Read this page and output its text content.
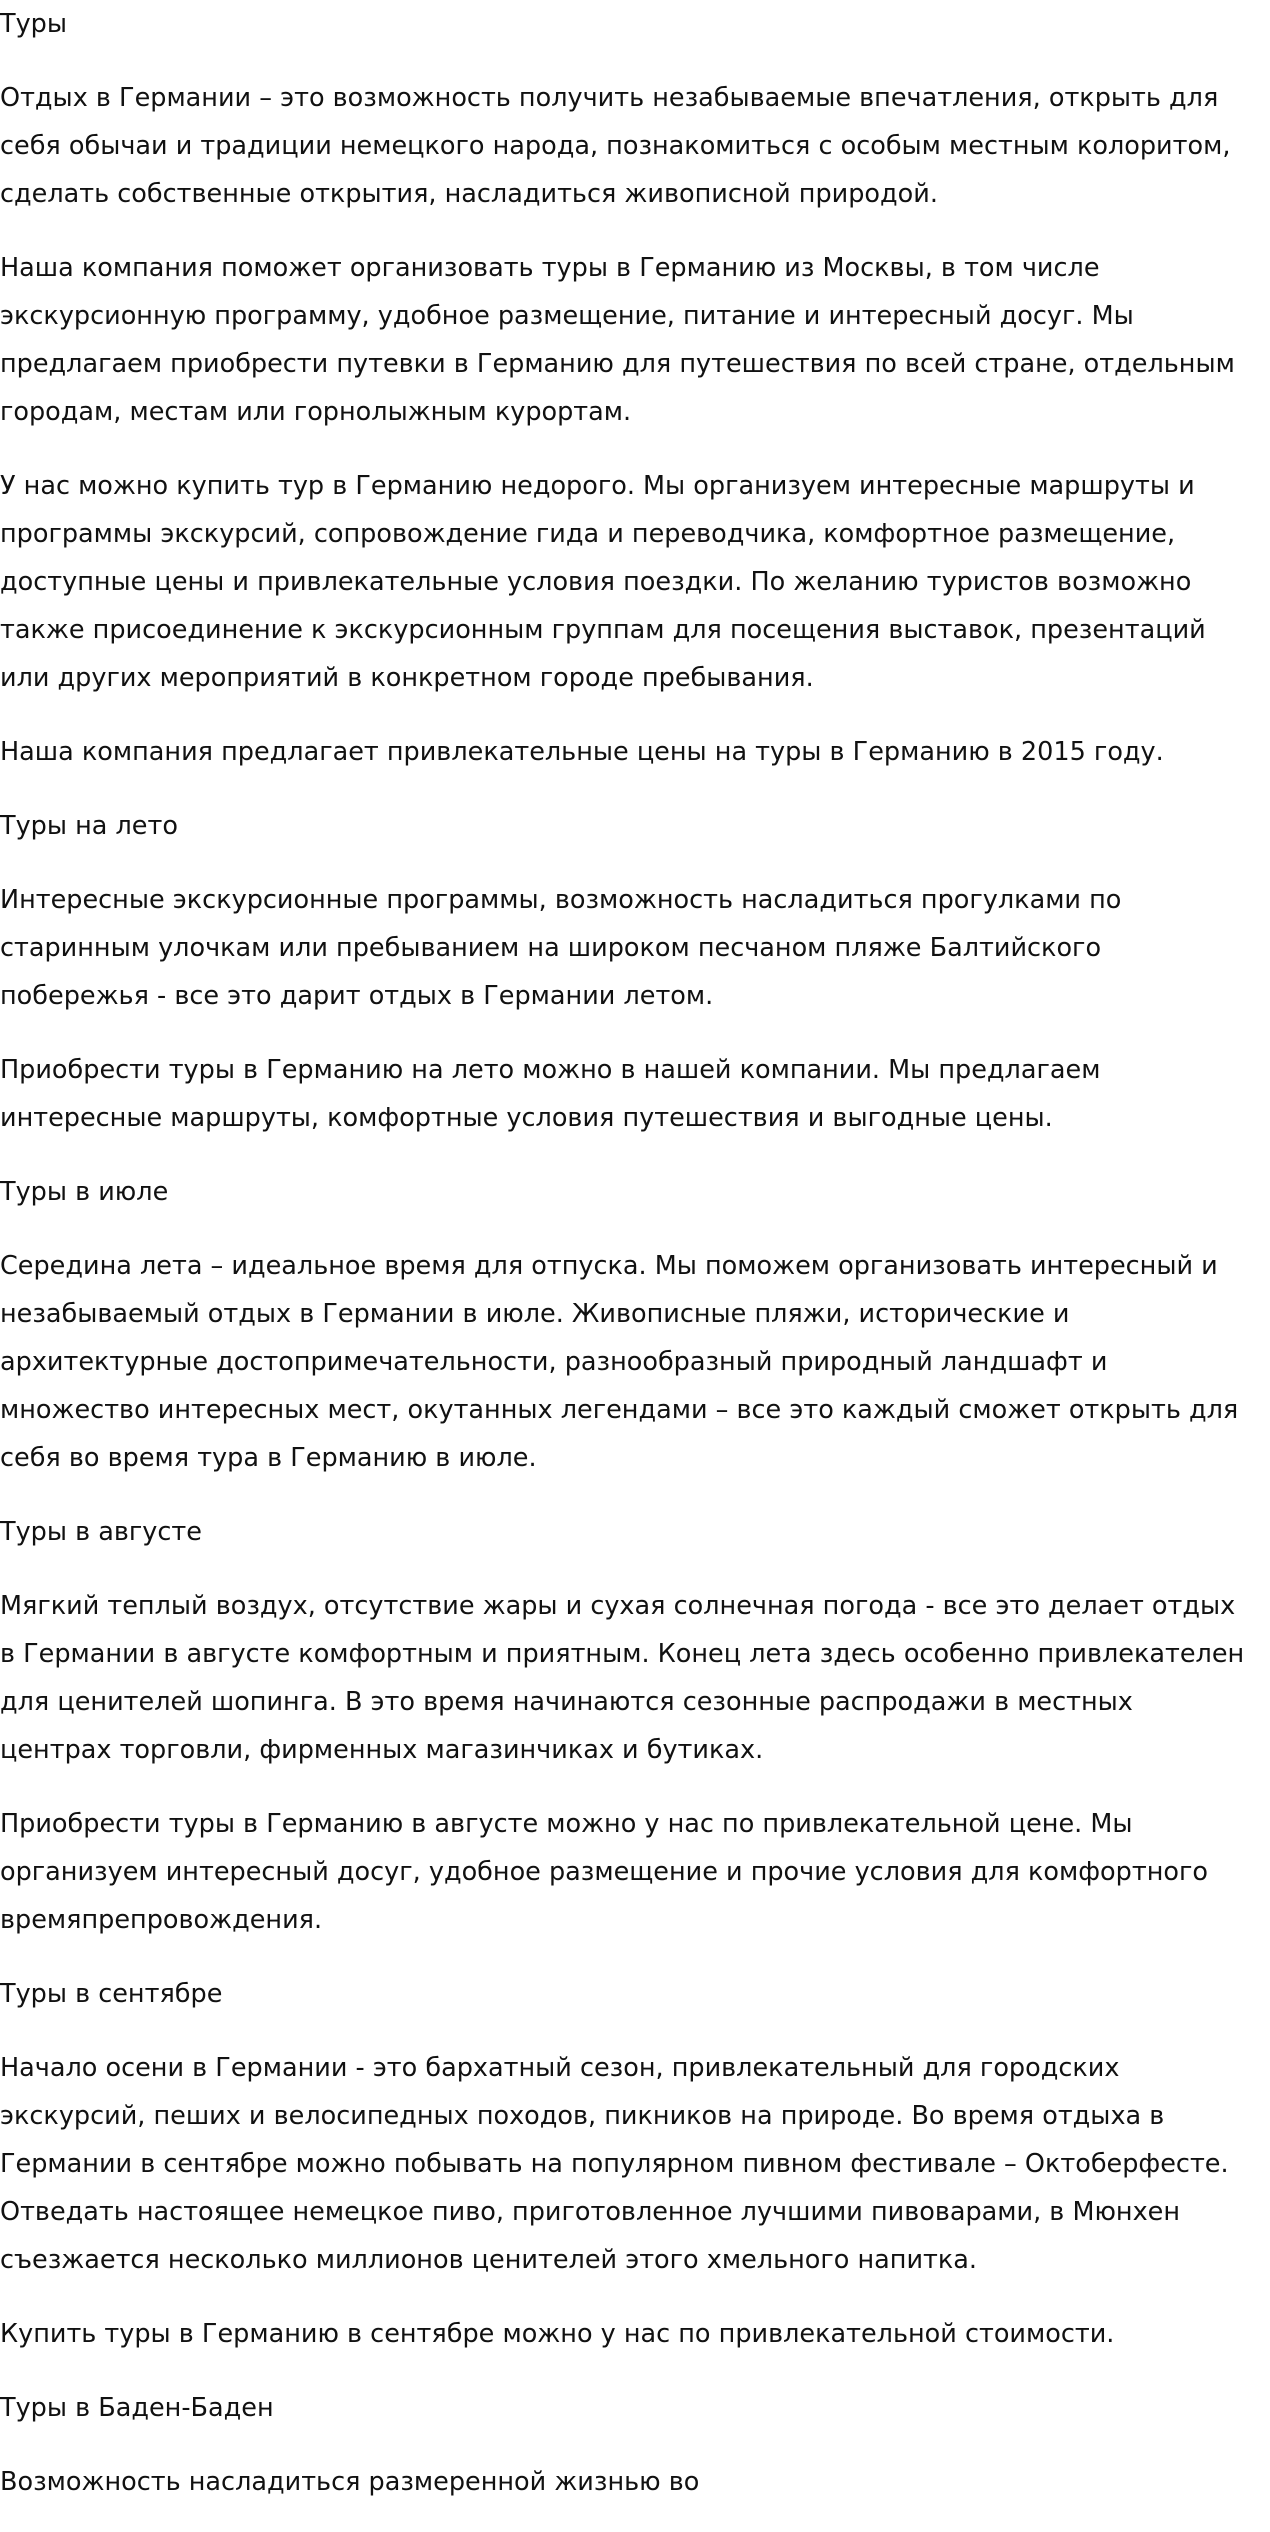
Туры

Отдых в Германии – это возможность получить незабываемые впечатления, открыть для
себя обычаи и традиции немецкого народа, познакомиться с особым местным колоритом,
сделать собственные открытия, насладиться живописной природой.

Наша компания поможет организовать туры в Германию из Москвы, в том числе
экскурсионную программу, удобное размещение, питание и интересный досуг. Мы
предлагаем приобрести путевки в Германию для путешествия по всей стране, отдельным
городам, местам или горнолыжным курортам.

У нас можно купить тур в Германию недорого. Мы организуем интересные маршруты и
программы экскурсий, сопровождение гида и переводчика, комфортное размещение,
доступные цены и привлекательные условия поездки. По желанию туристов возможно
также присоединение к экскурсионным группам для посещения выставок, презентаций
или других мероприятий в конкретном городе пребывания.

Наша компания предлагает привлекательные цены на туры в Германию в 2015 году.

Туры на лето

Интересные экскурсионные программы, возможность насладиться прогулками по
старинным улочкам или пребыванием на широком песчаном пляже Балтийского
побережья - все это дарит отдых в Германии летом.

Приобрести туры в Германию на лето можно в нашей компании. Мы предлагаем
интересные маршруты, комфортные условия путешествия и выгодные цены.

Туры в июле

Середина лета – идеальное время для отпуска. Мы поможем организовать интересный и
незабываемый отдых в Германии в июле. Живописные пляжи, исторические и
архитектурные достопримечательности, разнообразный природный ландшафт и
множество интересных мест, окутанных легендами – все это каждый сможет открыть для
себя во время тура в Германию в июле.

Туры в августе

Мягкий теплый воздух, отсутствие жары и сухая солнечная погода - все это делает отдых
в Германии в августе комфортным и приятным. Конец лета здесь особенно привлекателен
для ценителей шопинга. В это время начинаются сезонные распродажи в местных
центрах торговли, фирменных магазинчиках и бутиках.

Приобрести туры в Германию в августе можно у нас по привлекательной цене. Мы
организуем интересный досуг, удобное размещение и прочие условия для комфортного
времяпрепровождения.

Туры в сентябре

Начало осени в Германии - это бархатный сезон, привлекательный для городских
экскурсий, пеших и велосипедных походов, пикников на природе. Во время отдыха в
Германии в сентябре можно побывать на популярном пивном фестивале – Октоберфесте.
Отведать настоящее немецкое пиво, приготовленное лучшими пивоварами, в Мюнхен
съезжается несколько миллионов ценителей этого хмельного напитка.

Купить туры в Германию в сентябре можно у нас по привлекательной стоимости.

Туры в Баден-Баден

Возможность насладиться размеренной жизнью во
